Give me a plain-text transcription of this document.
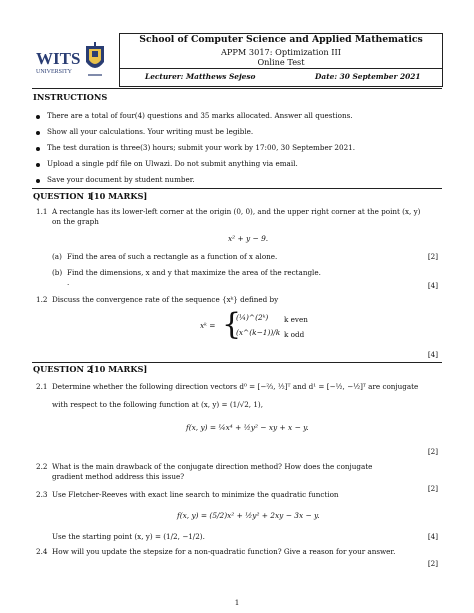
WITS
UNIVERSITY
School of Computer Science and Applied Mathematics
APPM 3017: Optimization III
Online Test
Lecturer: Matthews Sejeso	Date: 30 September 2021
INSTRUCTIONS
There are a total of four(4) questions and 35 marks allocated. Answer all questions.
Show all your calculations. Your writing must be legible.
The test duration is three(3) hours; submit your work by 17:00, 30 September 2021.
Upload a single pdf file on Ulwazi. Do not submit anything via email.
Save your document by student number.
QUESTION 1
[10 MARKS]
1.1 A rectangle has its lower-left corner at the origin (0, 0), and the upper right corner at the point (x, y)
on the graph
x² + y − 9.
(a) Find the area of such a rectangle as a function of x alone.	[2]
(b) Find the dimensions, x and y that maximize the area of the rectangle.
.	[4]
1.2 Discuss the convergence rate of the sequence {xᵏ} defined by
xᵏ = {
(¼)^(2ᵏ) k even
(x^(k−1))/k k odd
[4]
QUESTION 2
[10 MARKS]
2.1 Determine whether the following direction vectors d⁰ = [−⅔, ½]ᵀ and d¹ = [−½, −½]ᵀ are conjugate
with respect to the following function at (x, y) = (1/√2, 1),
f(x, y) = ¼x⁴ + ½y² − xy + x − y.
[2]
2.2 What is the main drawback of the conjugate direction method? How does the conjugate
gradient method address this issue?
[2]
2.3 Use Fletcher-Reeves with exact line search to minimize the quadratic function
f(x, y) = (5/2)x² + ½y² + 2xy − 3x − y.
Use the starting point (x, y) = (1/2, −1/2).	[4]
2.4 How will you update the stepsize for a non-quadratic function? Give a reason for your answer.
[2]
1
